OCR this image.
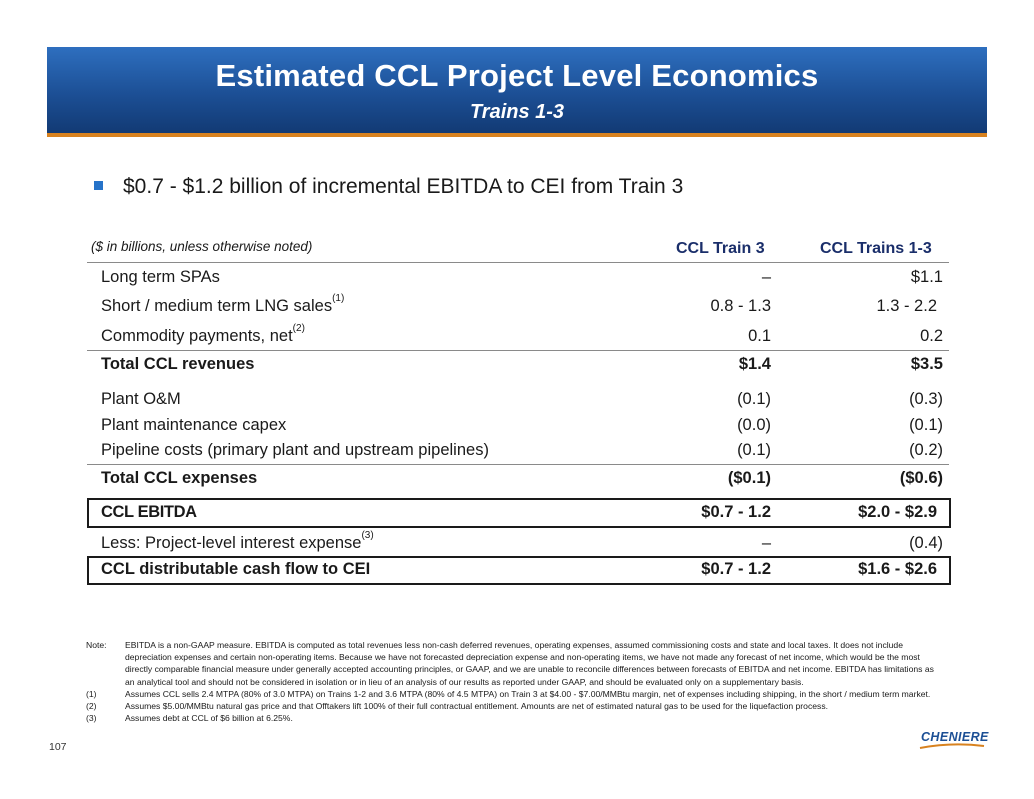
Estimated CCL Project Level Economics
Trains 1-3
$0.7 - $1.2 billion of incremental EBITDA to CEI from Train 3
($ in billions, unless otherwise noted)	CCL Train 3	CCL Trains 1-3
Long term SPAs	–	$1.1
Short / medium term LNG sales$^{(1)}$	0.8 - 1.3	1.3 - 2.2
Commodity payments, net$^{(2)}$	0.1	0.2
Total CCL revenues	$1.4	$3.5
Plant O&M	(0.1)	(0.3)
Plant maintenance capex	(0.0)	(0.1)
Pipeline costs (primary plant and upstream pipelines)	(0.1)	(0.2)
Total CCL expenses	($0.1)	($0.6)
CCL EBITDA	$0.7 - 1.2	$2.0 - $2.9
Less: Project-level interest expense$^{(3)}$	–	(0.4)
CCL distributable cash flow to CEI	$0.7 - 1.2	$1.6 - $2.6
Note: EBITDA is a non-GAAP measure. EBITDA is computed as total revenues less non-cash deferred revenues, operating expenses, assumed commissioning costs and state and local taxes. It does not include depreciation expenses and certain non-operating items. Because we have not forecasted depreciation expense and non-operating items, we have not made any forecast of net income, which would be the most directly comparable financial measure under generally accepted accounting principles, or GAAP, and we are unable to reconcile differences between forecasts of EBITDA and net income. EBITDA has limitations as an analytical tool and should not be considered in isolation or in lieu of an analysis of our results as reported under GAAP, and should be evaluated only on a supplementary basis.
(1)	Assumes CCL sells 2.4 MTPA (80% of 3.0 MTPA) on Trains 1-2 and 3.6 MTPA (80% of 4.5 MTPA) on Train 3 at $4.00 - $7.00/MMBtu margin, net of expenses including shipping, in the short / medium term market.
(2)	Assumes $5.00/MMBtu natural gas price and that Offtakers lift 100% of their full contractual entitlement. Amounts are net of estimated natural gas to be used for the liquefaction process.
(3)	Assumes debt at CCL of $6 billion at 6.25%.
107
CHENIERE
